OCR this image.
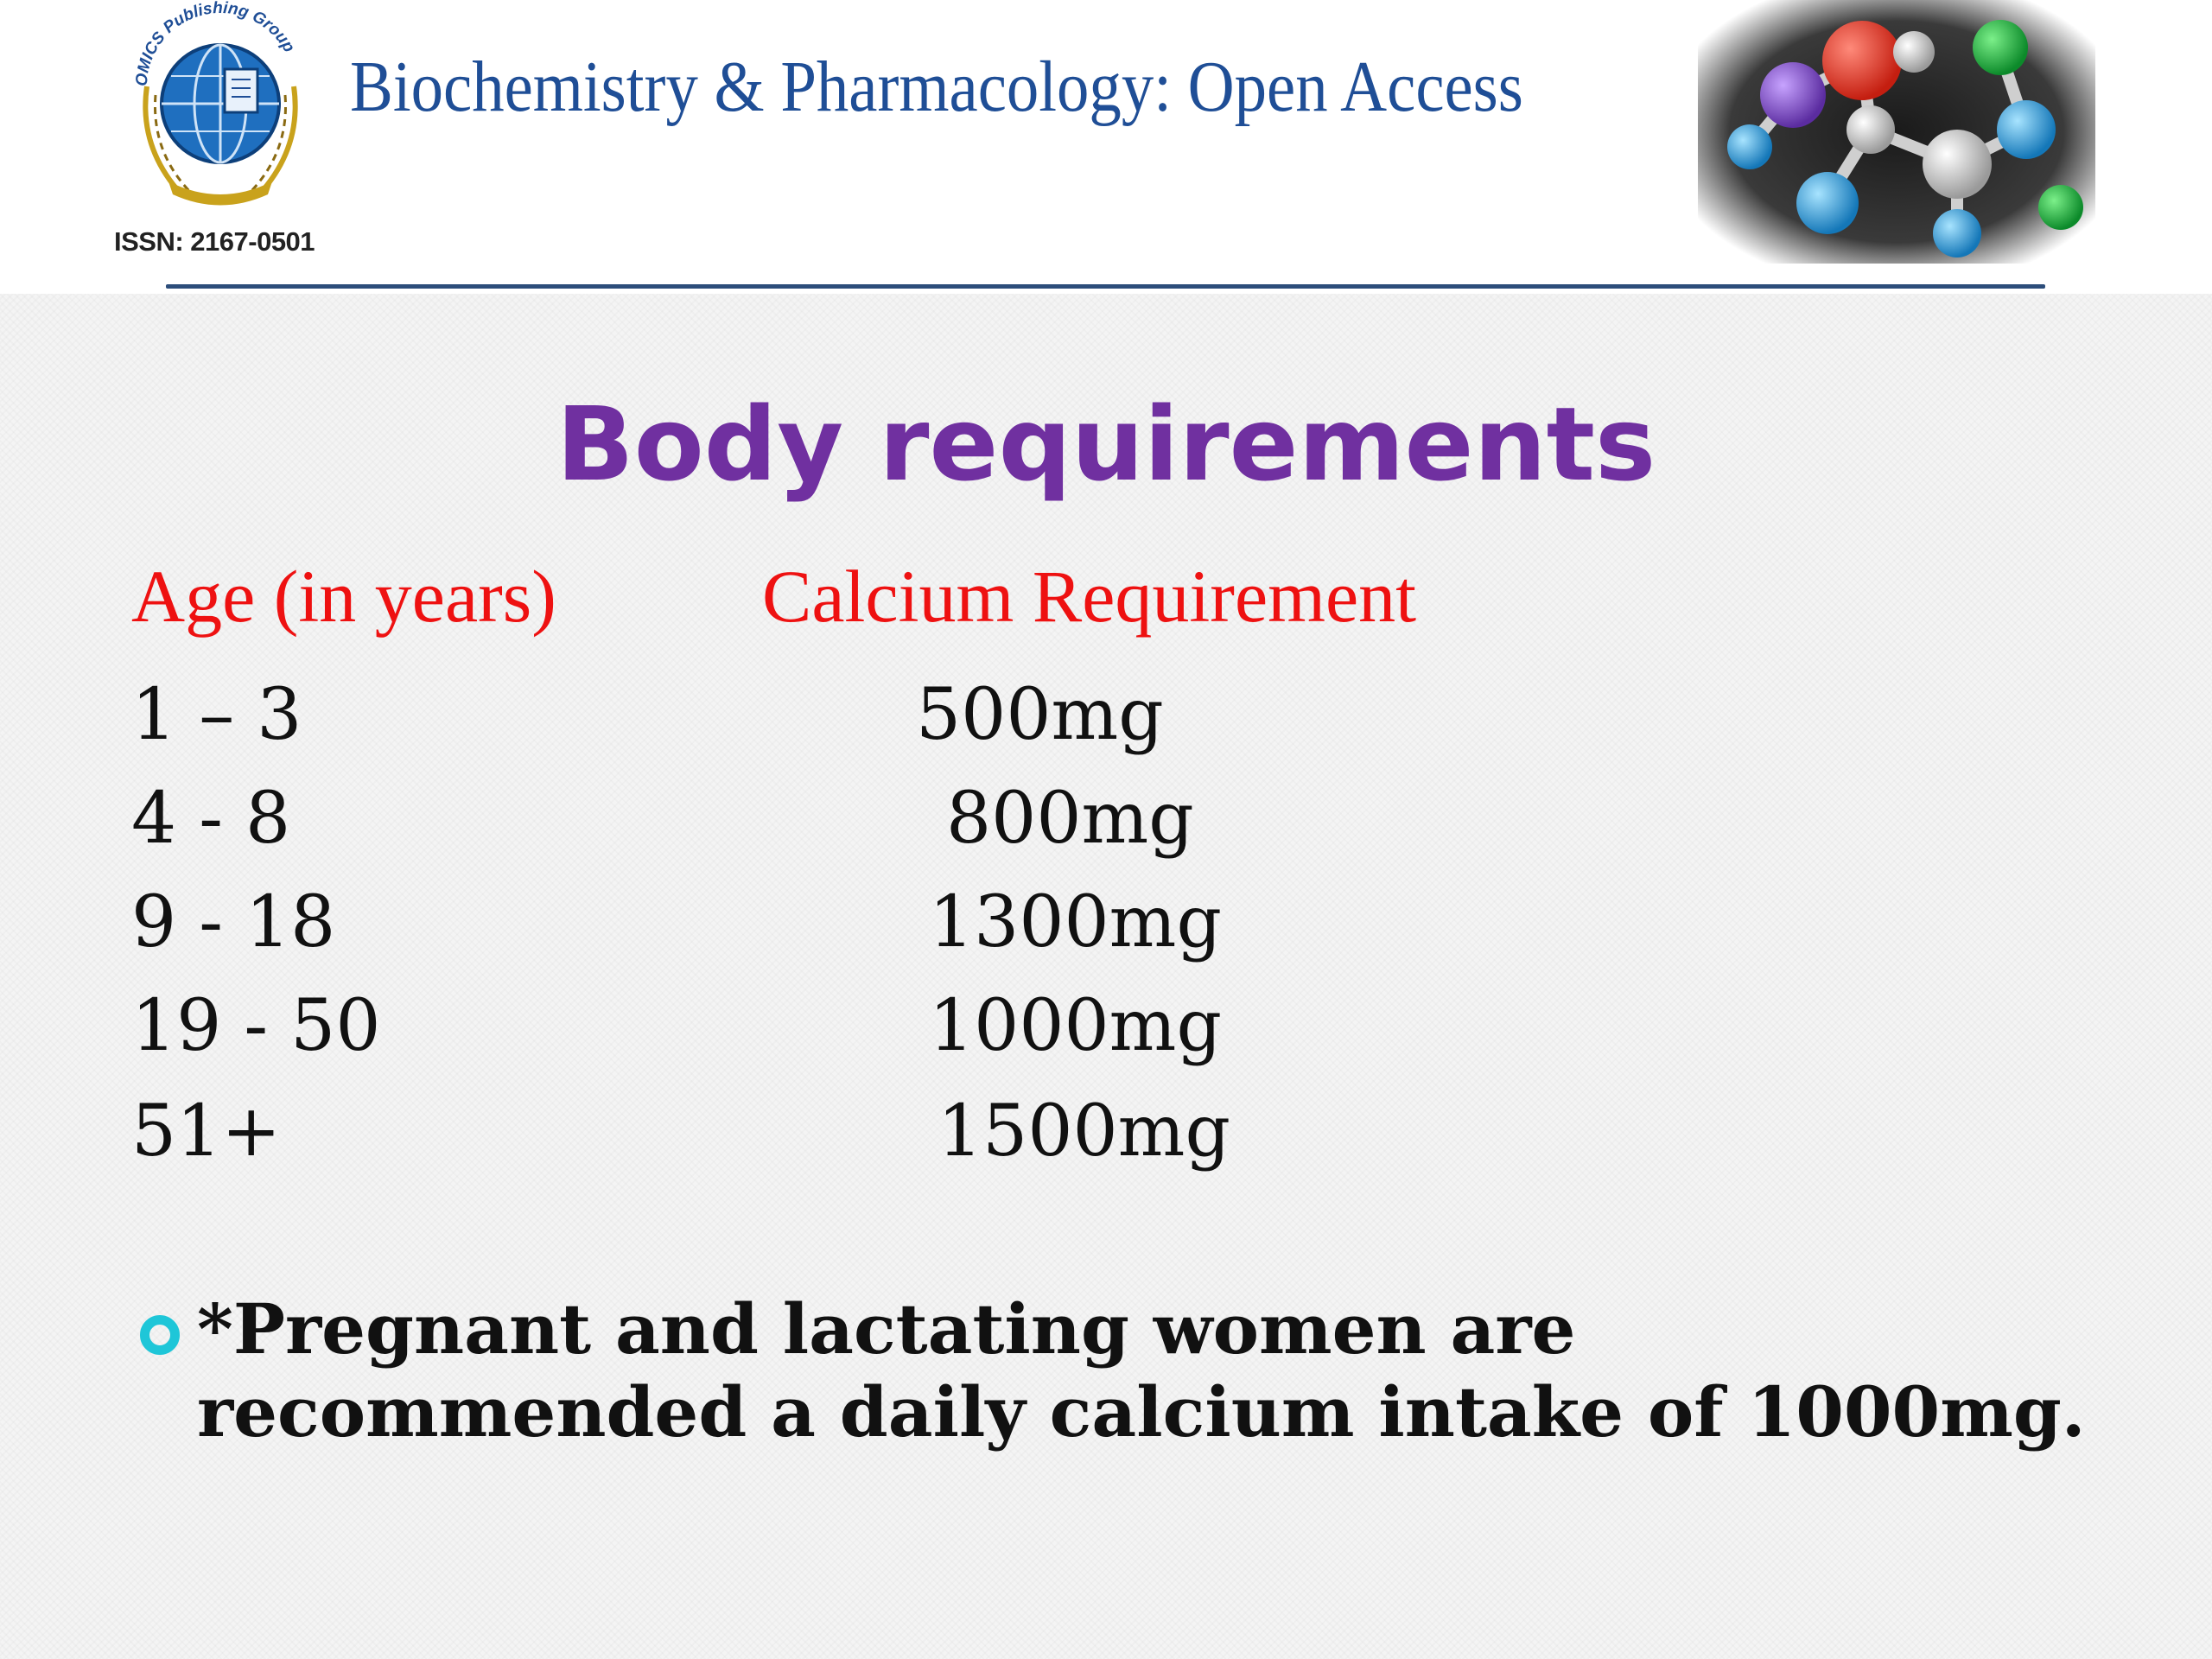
OMICS Publishing Group
ISSN: 2167-0501
Biochemistry & Pharmacology: Open Access
Body requirements
Age (in years)	Calcium Requirement
1 – 3	500mg
4 - 8	800mg
9 - 18	1300mg
19 - 50	1000mg
51+	1500mg
*Pregnant and lactating women are recommended a daily calcium intake of 1000mg.
